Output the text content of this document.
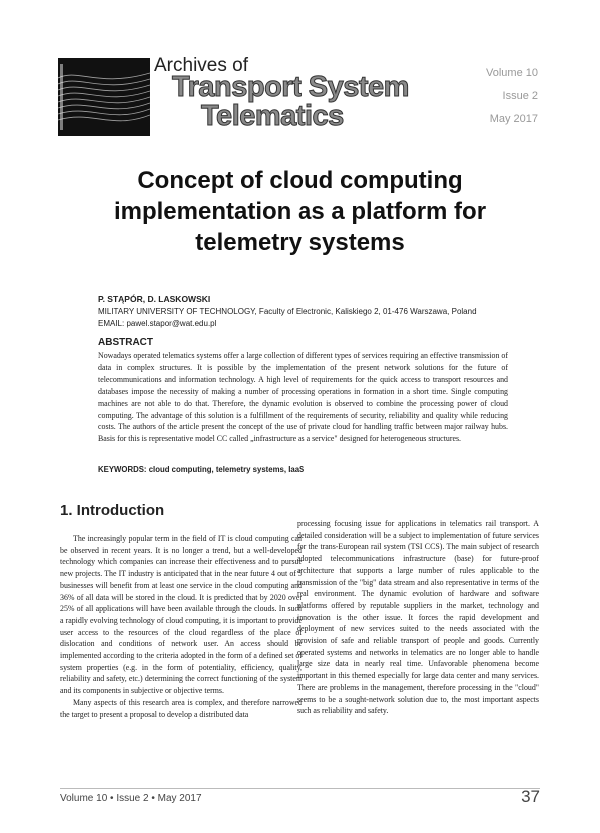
Archives of
Transport System
Telematics
Volume 10
Issue 2
May 2017
Concept of cloud computing implementation as a platform for telemetry systems
P. STĄPÓR, D. LASKOWSKI
MILITARY UNIVERSITY OF TECHNOLOGY, Faculty of Electronic, Kaliskiego 2, 01-476 Warszawa, Poland
EMAIL: pawel.stapor@wat.edu.pl
ABSTRACT
Nowadays operated telematics systems offer a large collection of different types of services requiring an effective transmission of data in complex structures. It is possible by the implementation of the present network solutions for the future of telecommunications and information technology. A high level of requirements for the quick access to transport resources and databases impose the necessity of making a number of processing operations in formation in a short time. Single computing machines are not able to do that. Therefore, the dynamic evolution is observed to combine the processing power of cloud computing. The advantage of this solution is a fulfillment of the requirements of security, reliability and quality while reducing costs. The authors of the article present the concept of the use of private cloud for handling traffic between major railway hubs. Basis for this is representative model CC called „infrastructure as a service" designed for heterogeneous structures.
KEYWORDS: cloud computing, telemetry systems, IaaS
1. Introduction

The increasingly popular term in the field of IT is cloud computing can be observed in recent years. It is no longer a trend, but a well-developed technology which companies can increase their effectiveness and to pursue new projects. The IT industry is anticipated that in the near future 4 out of 5 businesses will benefit from at least one service in the cloud computing and 36% of all data will be stored in the cloud. It is predicted that by 2020 over 25% of all applications will have been available through the clouds. In such a rapidly evolving technology of cloud computing, it is important to provide user access to the resources of the cloud regardless of the place of dislocation and conditions of network user. An access should be implemented according to the criteria adopted in the form of a defined set of system properties (e.g. in the form of potentiality, efficiency, quality, reliability and safety, etc.) determining the correct functioning of the system and its components in subjective or objective terms.

Many aspects of this research area is complex, and therefore narrowed the target to present a proposal to develop a distributed data

processing focusing issue for applications in telematics rail transport. A detailed consideration will be a subject to implementation of future services for the trans-European rail system (TSI CCS). The main subject of research adopted telecommunications infrastructure (base) for future-proof architecture that supports a large number of rules applicable to the transmission of the "big" data stream and also representative in terms of the real environment. The dynamic evolution of hardware and software platforms offered by reputable suppliers in the market, technology and innovation is the other issue. It forces the rapid development and deployment of new services suited to the needs associated with the provision of safe and reliable transport of people and goods. Currently operated systems and networks in telematics are no longer able to handle large size data in nearly real time. Unfavorable phenomena become important in this themed especially for large data center and many services. There are problems in the management, therefore processing in the "cloud" seems to be a sought-network solution due to, the most important aspects such as reliability and safety.

Volume 10 • Issue 2 • May 2017	37
